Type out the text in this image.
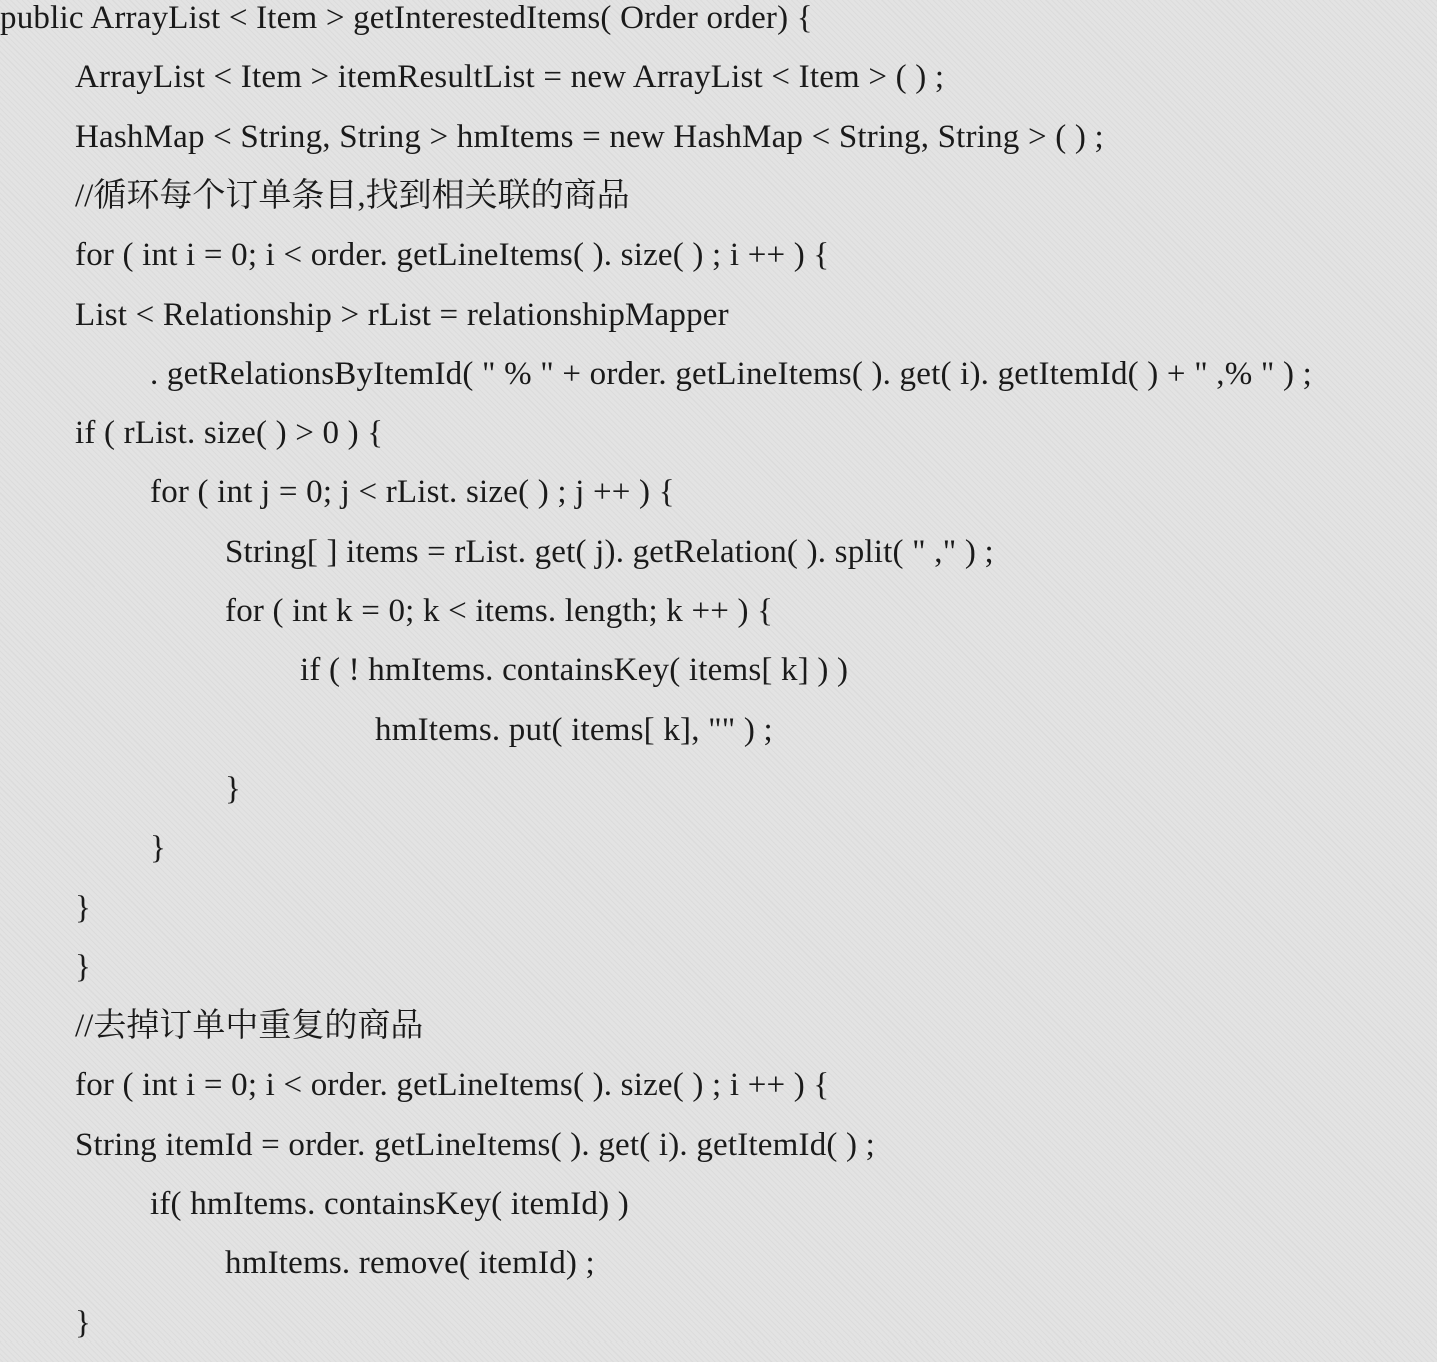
public ArrayList < Item > getInterestedItems( Order order) {
ArrayList < Item > itemResultList = new ArrayList < Item > ( ) ;
HashMap < String, String > hmItems = new HashMap < String, String > ( ) ;
//循环每个订单条目,找到相关联的商品
for ( int i = 0; i < order. getLineItems( ). size( ) ; i ++ ) {
List < Relationship > rList = relationshipMapper
. getRelationsByItemId( " % " + order. getLineItems( ). get( i). getItemId( ) + " ,% " ) ;
if ( rList. size( ) > 0 ) {
for ( int j = 0; j < rList. size( ) ; j ++ ) {
String[ ] items = rList. get( j). getRelation( ). split( " ," ) ;
for ( int k = 0; k < items. length; k ++ ) {
if ( ! hmItems. containsKey( items[ k] ) )
hmItems. put( items[ k], "" ) ;
}
}
}
}
//去掉订单中重复的商品
for ( int i = 0; i < order. getLineItems( ). size( ) ; i ++ ) {
String itemId = order. getLineItems( ). get( i). getItemId( ) ;
if( hmItems. containsKey( itemId) )
hmItems. remove( itemId) ;
}
